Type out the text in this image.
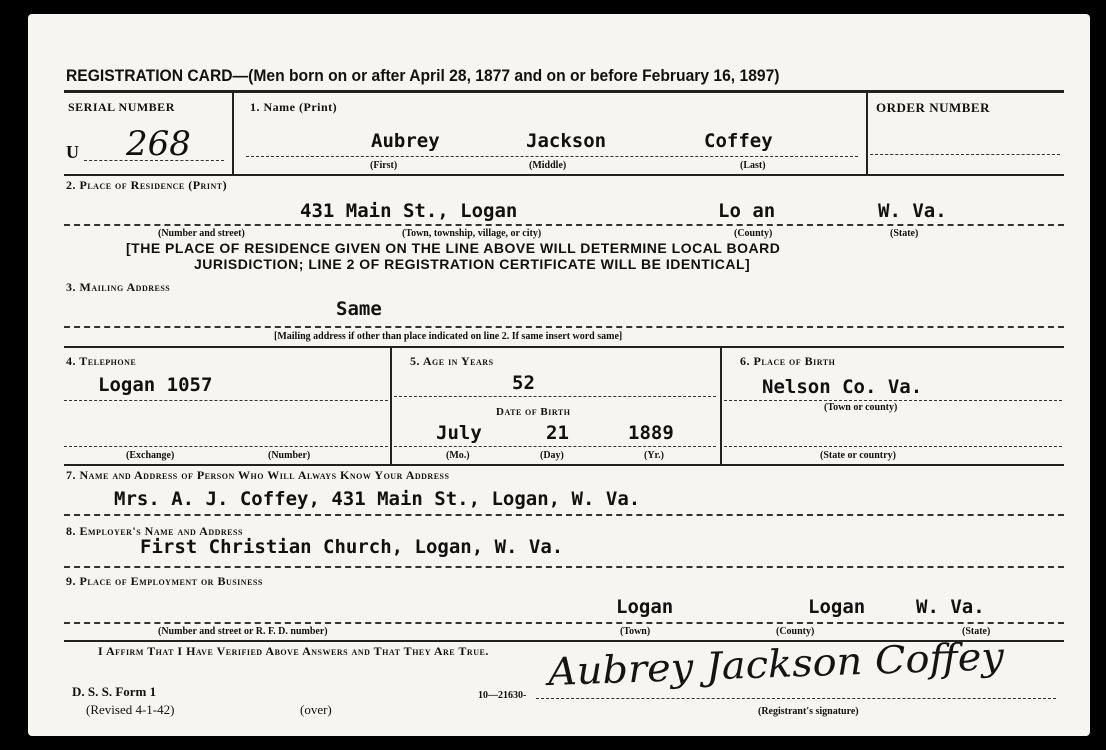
REGISTRATION CARD—(Men born on or after April 28, 1877 and on or before February 16, 1897)
SERIAL NUMBER
U 268
1. Name (Print)
Aubrey	Jackson	Coffey
(First)	(Middle)	(Last)
ORDER NUMBER
2. Place of Residence (Print)
431 Main St., Logan	Lo an	W. Va.
(Number and street)	(Town, township, village, or city)	(County)	(State)
[THE PLACE OF RESIDENCE GIVEN ON THE LINE ABOVE WILL DETERMINE LOCAL BOARD
JURISDICTION; LINE 2 OF REGISTRATION CERTIFICATE WILL BE IDENTICAL]
3. Mailing Address
Same
[Mailing address if other than place indicated on line 2. If same insert word same]
4. Telephone
Logan 1057
(Exchange)	(Number)
5. Age in Years
52
Date of Birth
July	21	1889
(Mo.)	(Day)	(Yr.)
6. Place of Birth
Nelson Co. Va.
(Town or county)
(State or country)
7. Name and Address of Person Who Will Always Know Your Address
Mrs. A. J. Coffey, 431 Main St., Logan, W. Va.
8. Employer's Name and Address
First Christian Church, Logan, W. Va.
9. Place of Employment or Business
Logan	Logan	W. Va.
(Number and street or R. F. D. number)	(Town)	(County)	(State)
I Affirm That I Have Verified Above Answers and That They Are True.
D. S. S. Form 1
(Revised 4-1-42)	(over)
10—21630-
Aubrey Jackson Coffey
(Registrant's signature)
